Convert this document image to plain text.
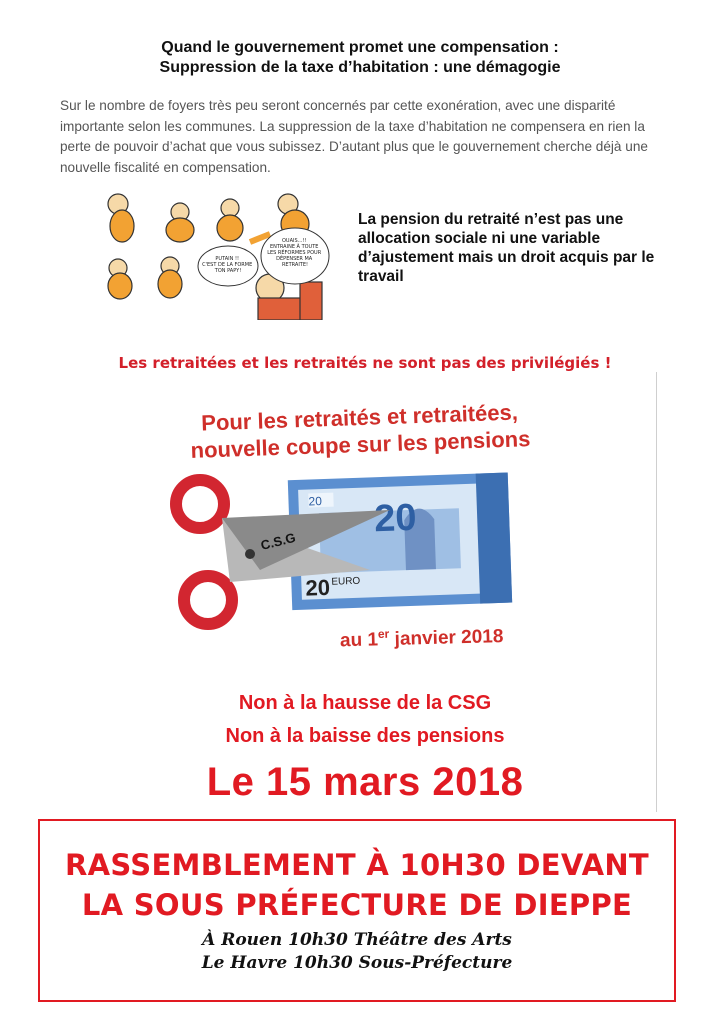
Quand le gouvernement promet une compensation :
Suppression de la taxe d’habitation : une démagogie
Sur le nombre de foyers très peu seront concernés par cette exonération, avec une disparité importante selon les communes. La suppression de la taxe d’habitation ne compensera en rien la perte de pouvoir d’achat que vous subissez. D’autant plus que le gouvernement cherche déjà une nouvelle fiscalité en compensation.
PUTAIN !! C'EST DE LA FORME TON PAPY!
OUAIS...!! ENTRAINE À TOUTE LES RÉFORMES POUR DÉPENSER MA RETRAITE!
La pension du retraité n’est pas une allocation sociale ni une variable d’ajustement mais un droit acquis par le travail
Les retraitées et les retraités ne sont pas des privilégiés !
Pour les retraités et retraitées,
nouvelle coupe sur les pensions
20
20
20 EURO
C.S.G
au 1er janvier 2018
Non à la hausse de la CSG
Non à la baisse des pensions
Le 15 mars 2018
RASSEMBLEMENT À 10H30 DEVANT
LA SOUS PRÉFECTURE DE DIEPPE
À Rouen 10h30 Théâtre des Arts
Le Havre 10h30 Sous-Préfecture
